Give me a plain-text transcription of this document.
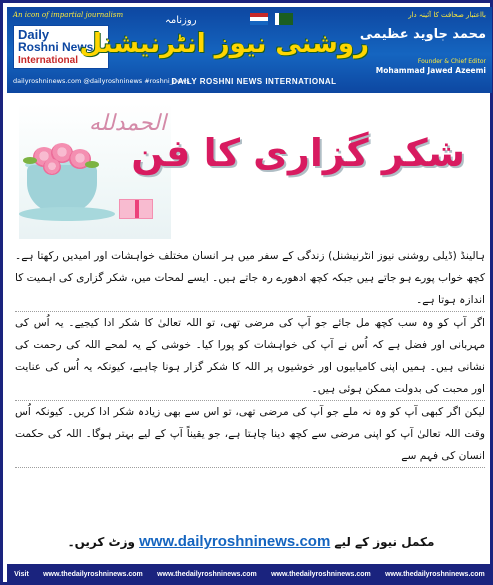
An icon of impartial journalism
Daily
Roshni News
International
dailyroshninews.com @dailyroshninews #roshni_news
روزنامہ

روشنی نیوز انٹرنیشنل
DAILY ROSHNI NEWS INTERNATIONAL
بااعتبار صحافت کا آئینہ دار
محمد جاوید عظیمی
Founder & Chief Editor
Mohammad Jawed Azeemi
الحمدلله
شکر گزاری کا فن

ہالینڈ (ڈیلی روشنی نیوز انٹرنیشنل) زندگی کے سفر میں ہر انسان مختلف خواہشات اور امیدیں رکھتا ہے۔ کچھ خواب پورے ہو جاتے ہیں جبکہ کچھ ادھورے رہ جاتے ہیں۔ ایسے لمحات میں، شکر گزاری کی اہمیت کا اندازہ ہوتا ہے۔

اگر آپ کو وہ سب کچھ مل جائے جو آپ کی مرضی تھی، تو اللہ تعالیٰ کا شکر ادا کیجیے۔ یہ اُس کی مہربانی اور فضل ہے کہ اُس نے آپ کی خواہشات کو پورا کیا۔ خوشی کے یہ لمحے اللہ کی رحمت کی نشانی ہیں۔ ہمیں اپنی کامیابیوں اور خوشیوں پر اللہ کا شکر گزار ہونا چاہیے، کیونکہ یہ اُس کی عنایت اور محبت کی بدولت ممکن ہوئی ہیں۔

لیکن اگر کبھی آپ کو وہ نہ ملے جو آپ کی مرضی تھی، تو اس سے بھی زیادہ شکر ادا کریں۔ کیونکہ اُس وقت اللہ تعالیٰ آپ کو اپنی مرضی سے کچھ دینا چاہتا ہے، جو یقیناً آپ کے لیے بہتر ہوگا۔ اللہ کی حکمت انسان کی فہم سے

وزٹ کریں۔ www.dailyroshninews.com مکمل نیوز کے لیے
Visit www.thedailyroshninews.com www.thedailyroshninews.com www.thedailyroshninews.com www.thedailyroshninews.com
